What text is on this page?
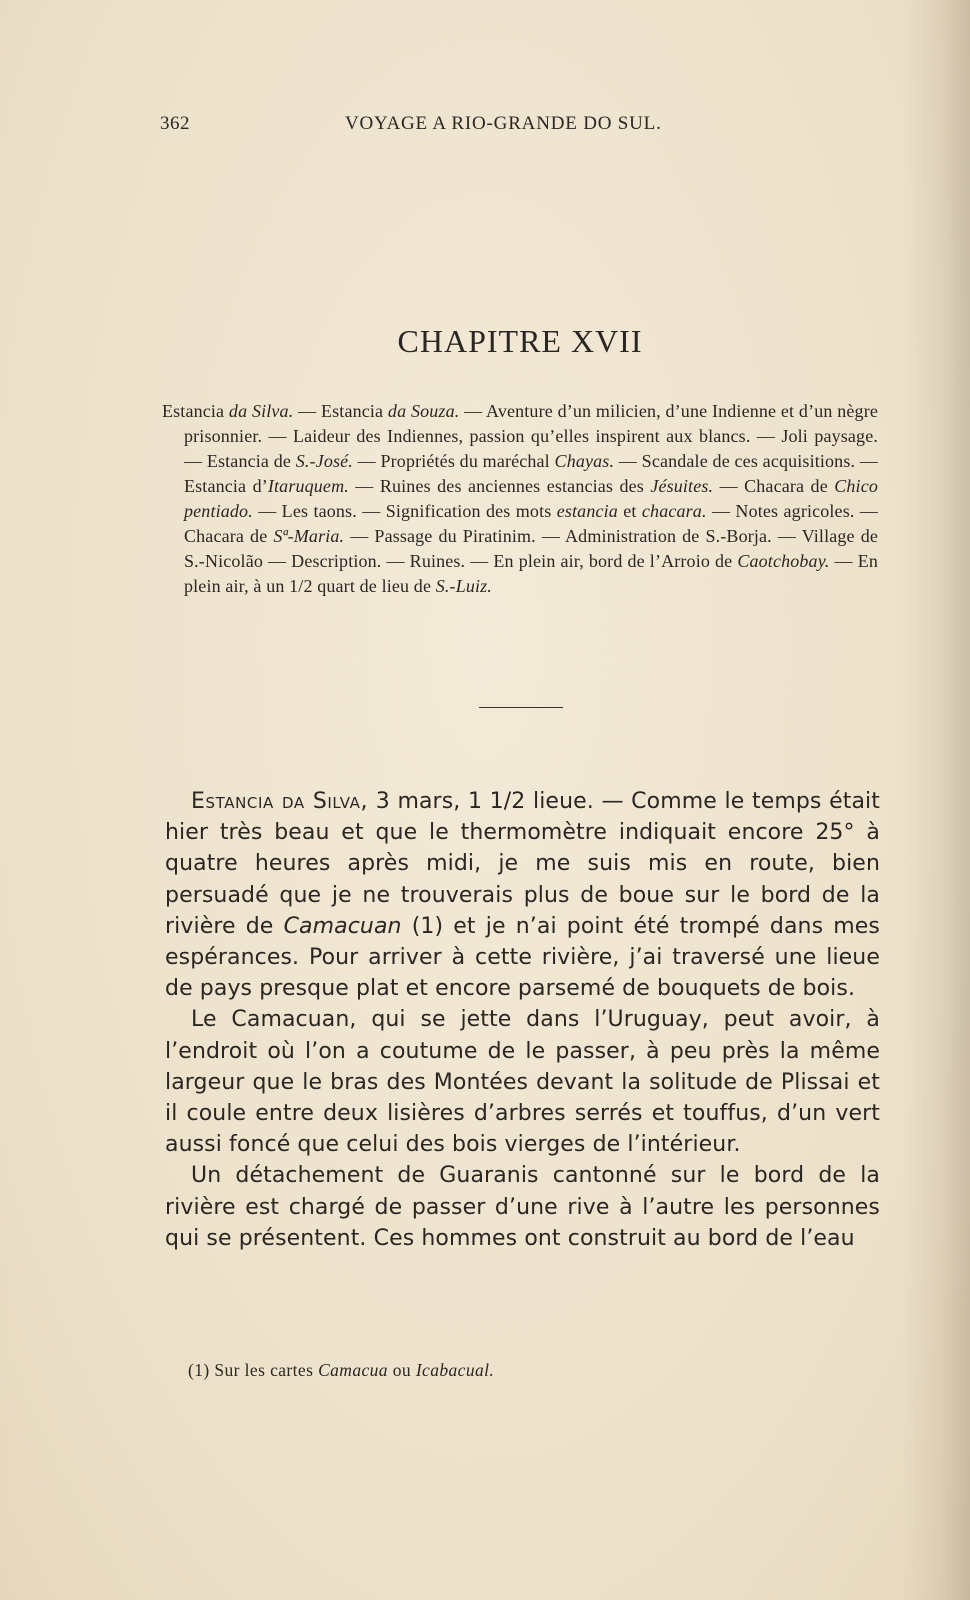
362	VOYAGE A RIO-GRANDE DO SUL.
CHAPITRE XVII
Estancia da Silva. — Estancia da Souza. — Aventure d’un milicien, d’une Indienne et d’un nègre prisonnier. — Laideur des Indiennes, passion qu’elles inspirent aux blancs. — Joli paysage. — Estancia de S.-José. — Propriétés du maréchal Chayas. — Scandale de ces acquisitions. — Estancia d’Itaruquem. — Ruines des anciennes estancias des Jésuites. — Chacara de Chico pentiado. — Les taons. — Signification des mots estancia et chacara. — Notes agricoles. — Chacara de Sª-Maria. — Passage du Piratinim. — Administration de S.-Borja. — Village de S.-Nicolão — Description. — Ruines. — En plein air, bord de l’Arroio de Caotchobay. — En plein air, à un 1/2 quart de lieu de S.-Luiz.

Estancia da Silva, 3 mars, 1 1/2 lieue. — Comme le temps était hier très beau et que le thermomètre indiquait encore 25° à quatre heures après midi, je me suis mis en route, bien persuadé que je ne trouverais plus de boue sur le bord de la rivière de Camacuan (1) et je n’ai point été trompé dans mes espérances. Pour arriver à cette rivière, j’ai traversé une lieue de pays presque plat et encore parsemé de bouquets de bois.

Le Camacuan, qui se jette dans l’Uruguay, peut avoir, à l’endroit où l’on a coutume de le passer, à peu près la même largeur que le bras des Montées devant la solitude de Plissai et il coule entre deux lisières d’arbres serrés et touffus, d’un vert aussi foncé que celui des bois vierges de l’intérieur.

Un détachement de Guaranis cantonné sur le bord de la rivière est chargé de passer d’une rive à l’autre les personnes qui se présentent. Ces hommes ont construit au bord de l’eau

(1) Sur les cartes Camacua ou Icabacual.
